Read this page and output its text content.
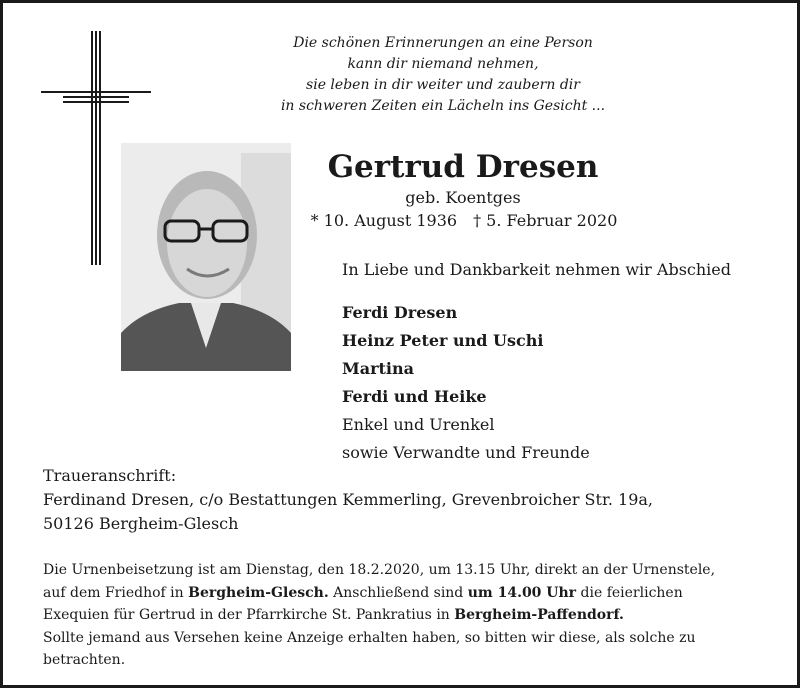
Die schönen Erinnerungen an eine Person
kann dir niemand nehmen,
sie leben in dir weiter und zaubern dir
in schweren Zeiten ein Lächeln ins Gesicht ...
Gertrud Dresen
geb. Koentges
* 10. August 1936 † 5. Februar 2020
In Liebe und Dankbarkeit nehmen wir Abschied
Ferdi Dresen
Heinz Peter und Uschi
Martina
Ferdi und Heike
Enkel und Urenkel
sowie Verwandte und Freunde
Traueranschrift:
Ferdinand Dresen, c/o Bestattungen Kemmerling, Grevenbroicher Str. 19a,
50126 Bergheim-Glesch
Die Urnenbeisetzung ist am Dienstag, den 18.2.2020, um 13.15 Uhr, direkt an der Urnenstele,
auf dem Friedhof in Bergheim-Glesch. Anschließend sind um 14.00 Uhr die feierlichen
Exequien für Gertrud in der Pfarrkirche St. Pankratius in Bergheim-Paffendorf.
Sollte jemand aus Versehen keine Anzeige erhalten haben, so bitten wir diese, als solche zu
betrachten.
